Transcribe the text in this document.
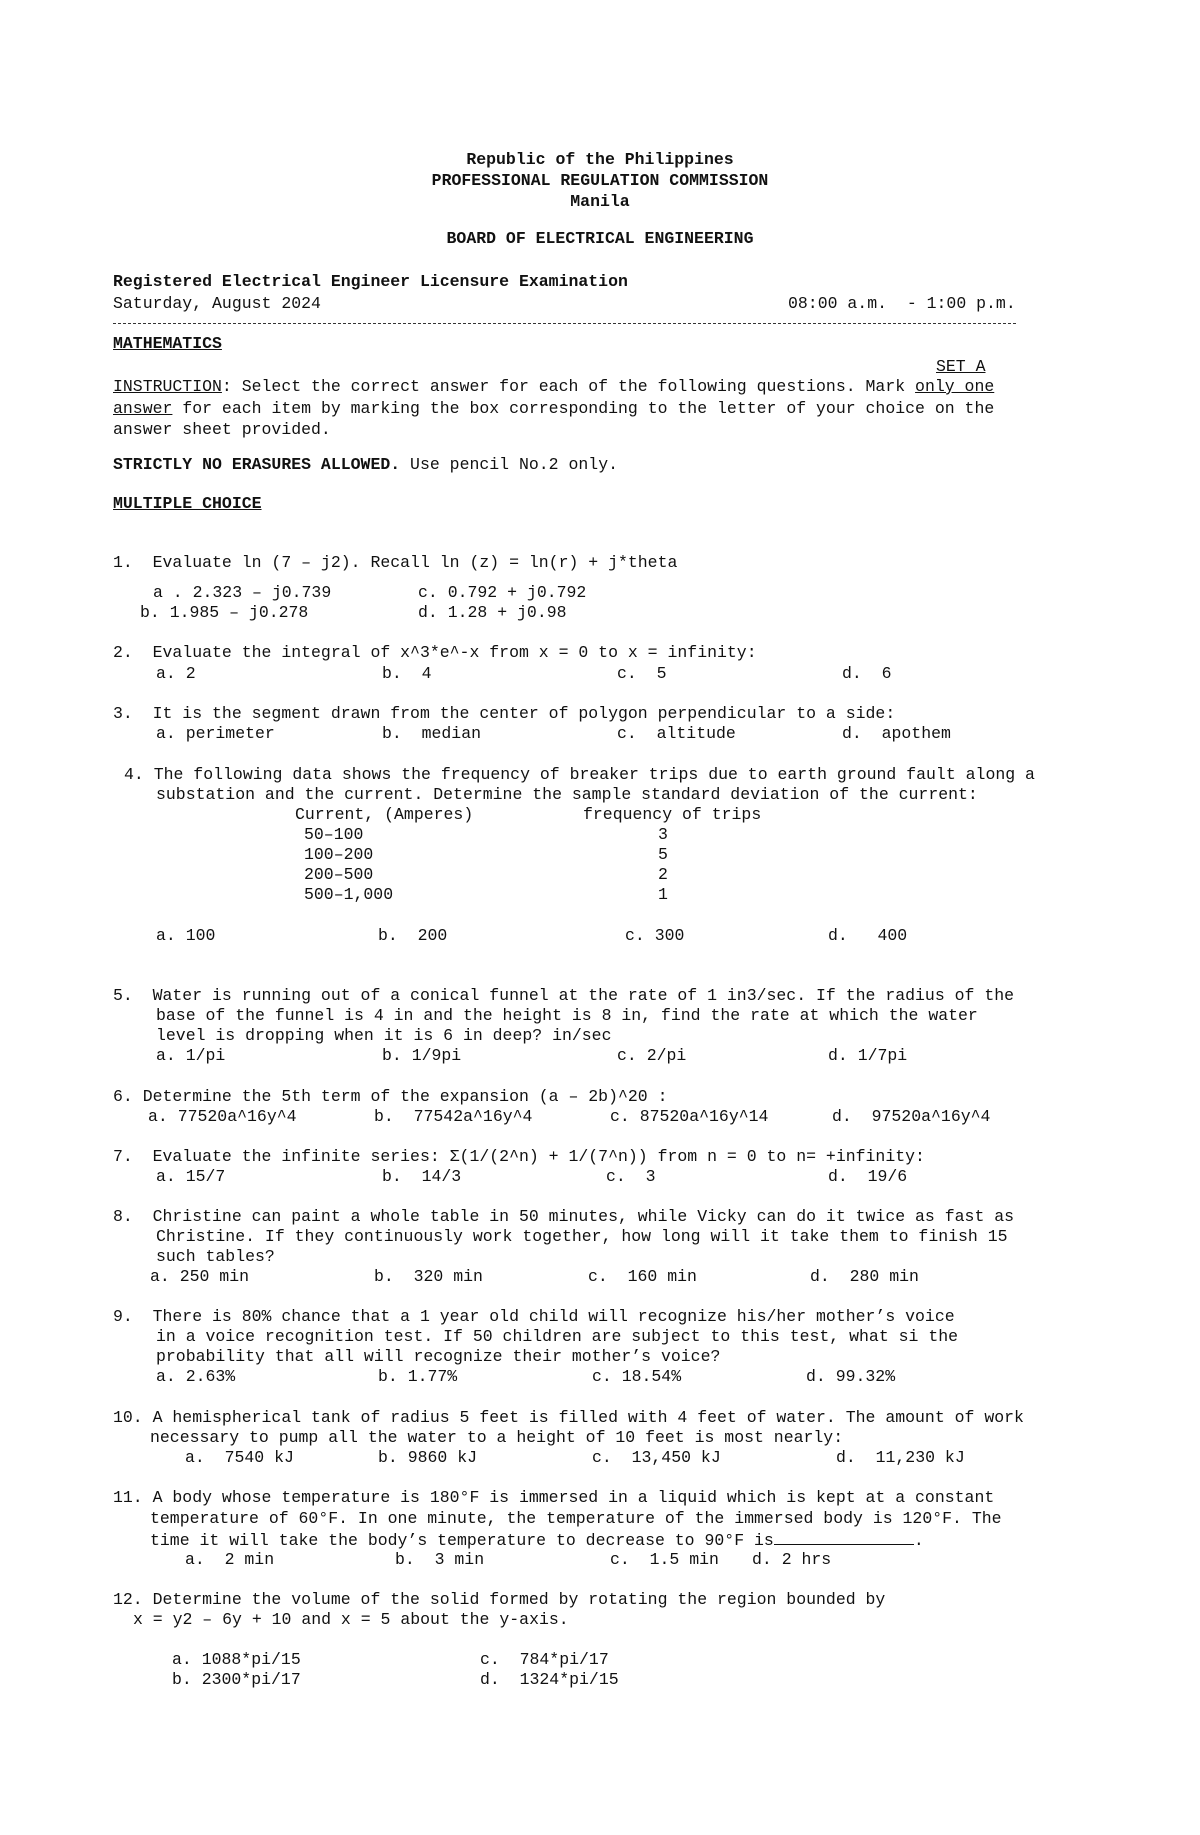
Republic of the Philippines
PROFESSIONAL REGULATION COMMISSION
Manila
BOARD OF ELECTRICAL ENGINEERING
Registered Electrical Engineer Licensure Examination
Saturday, August 2024	08:00 a.m.  - 1:00 p.m.
MATHEMATICS
SET A
INSTRUCTION: Select the correct answer for each of the following questions. Mark only one
answer for each item by marking the box corresponding to the letter of your choice on the
answer sheet provided.
STRICTLY NO ERASURES ALLOWED. Use pencil No.2 only.
MULTIPLE CHOICE
1.  Evaluate ln (7 – j2). Recall ln (z) = ln(r) + j*theta
a . 2.323 – j0.739	c. 0.792 + j0.792
b. 1.985 – j0.278	d. 1.28 + j0.98
2.  Evaluate the integral of x^3*e^-x from x = 0 to x = infinity:
a. 2	b.  4	c.  5	d.  6
3.  It is the segment drawn from the center of polygon perpendicular to a side:
a. perimeter	b.  median	c.  altitude	d.  apothem
4. The following data shows the frequency of breaker trips due to earth ground fault along a
substation and the current. Determine the sample standard deviation of the current:
Current, (Amperes)	frequency of trips
50–100	3
100–200	5
200–500	2
500–1,000	1
a. 100	b.  200	c. 300	d.   400
5.  Water is running out of a conical funnel at the rate of 1 in3/sec. If the radius of the
base of the funnel is 4 in and the height is 8 in, find the rate at which the water
level is dropping when it is 6 in deep? in/sec
a. 1/pi	b. 1/9pi	c. 2/pi	d. 1/7pi
6. Determine the 5th term of the expansion (a – 2b)^20 :
a. 77520a^16y^4	b.  77542a^16y^4	c. 87520a^16y^14	d.  97520a^16y^4
7.  Evaluate the infinite series: Σ(1/(2^n) + 1/(7^n)) from n = 0 to n= +infinity:
a. 15/7	b.  14/3	c.  3	d.  19/6
8.  Christine can paint a whole table in 50 minutes, while Vicky can do it twice as fast as
Christine. If they continuously work together, how long will it take them to finish 15
such tables?
a. 250 min	b.  320 min	c.  160 min	d.  280 min
9.  There is 80% chance that a 1 year old child will recognize his/her mother’s voice
in a voice recognition test. If 50 children are subject to this test, what si the
probability that all will recognize their mother’s voice?
a. 2.63%	b. 1.77%	c. 18.54%	d. 99.32%
10. A hemispherical tank of radius 5 feet is filled with 4 feet of water. The amount of work
necessary to pump all the water to a height of 10 feet is most nearly:
a.  7540 kJ	b. 9860 kJ	c.  13,450 kJ	d.  11,230 kJ
11. A body whose temperature is 180°F is immersed in a liquid which is kept at a constant
temperature of 60°F. In one minute, the temperature of the immersed body is 120°F. The
time it will take the body’s temperature to decrease to 90°F is	.
a.  2 min	b.  3 min	c.  1.5 min d. 2 hrs
12. Determine the volume of the solid formed by rotating the region bounded by
x = y2 – 6y + 10 and x = 5 about the y-axis.
a. 1088*pi/15	c.  784*pi/17
b. 2300*pi/17	d.  1324*pi/15
